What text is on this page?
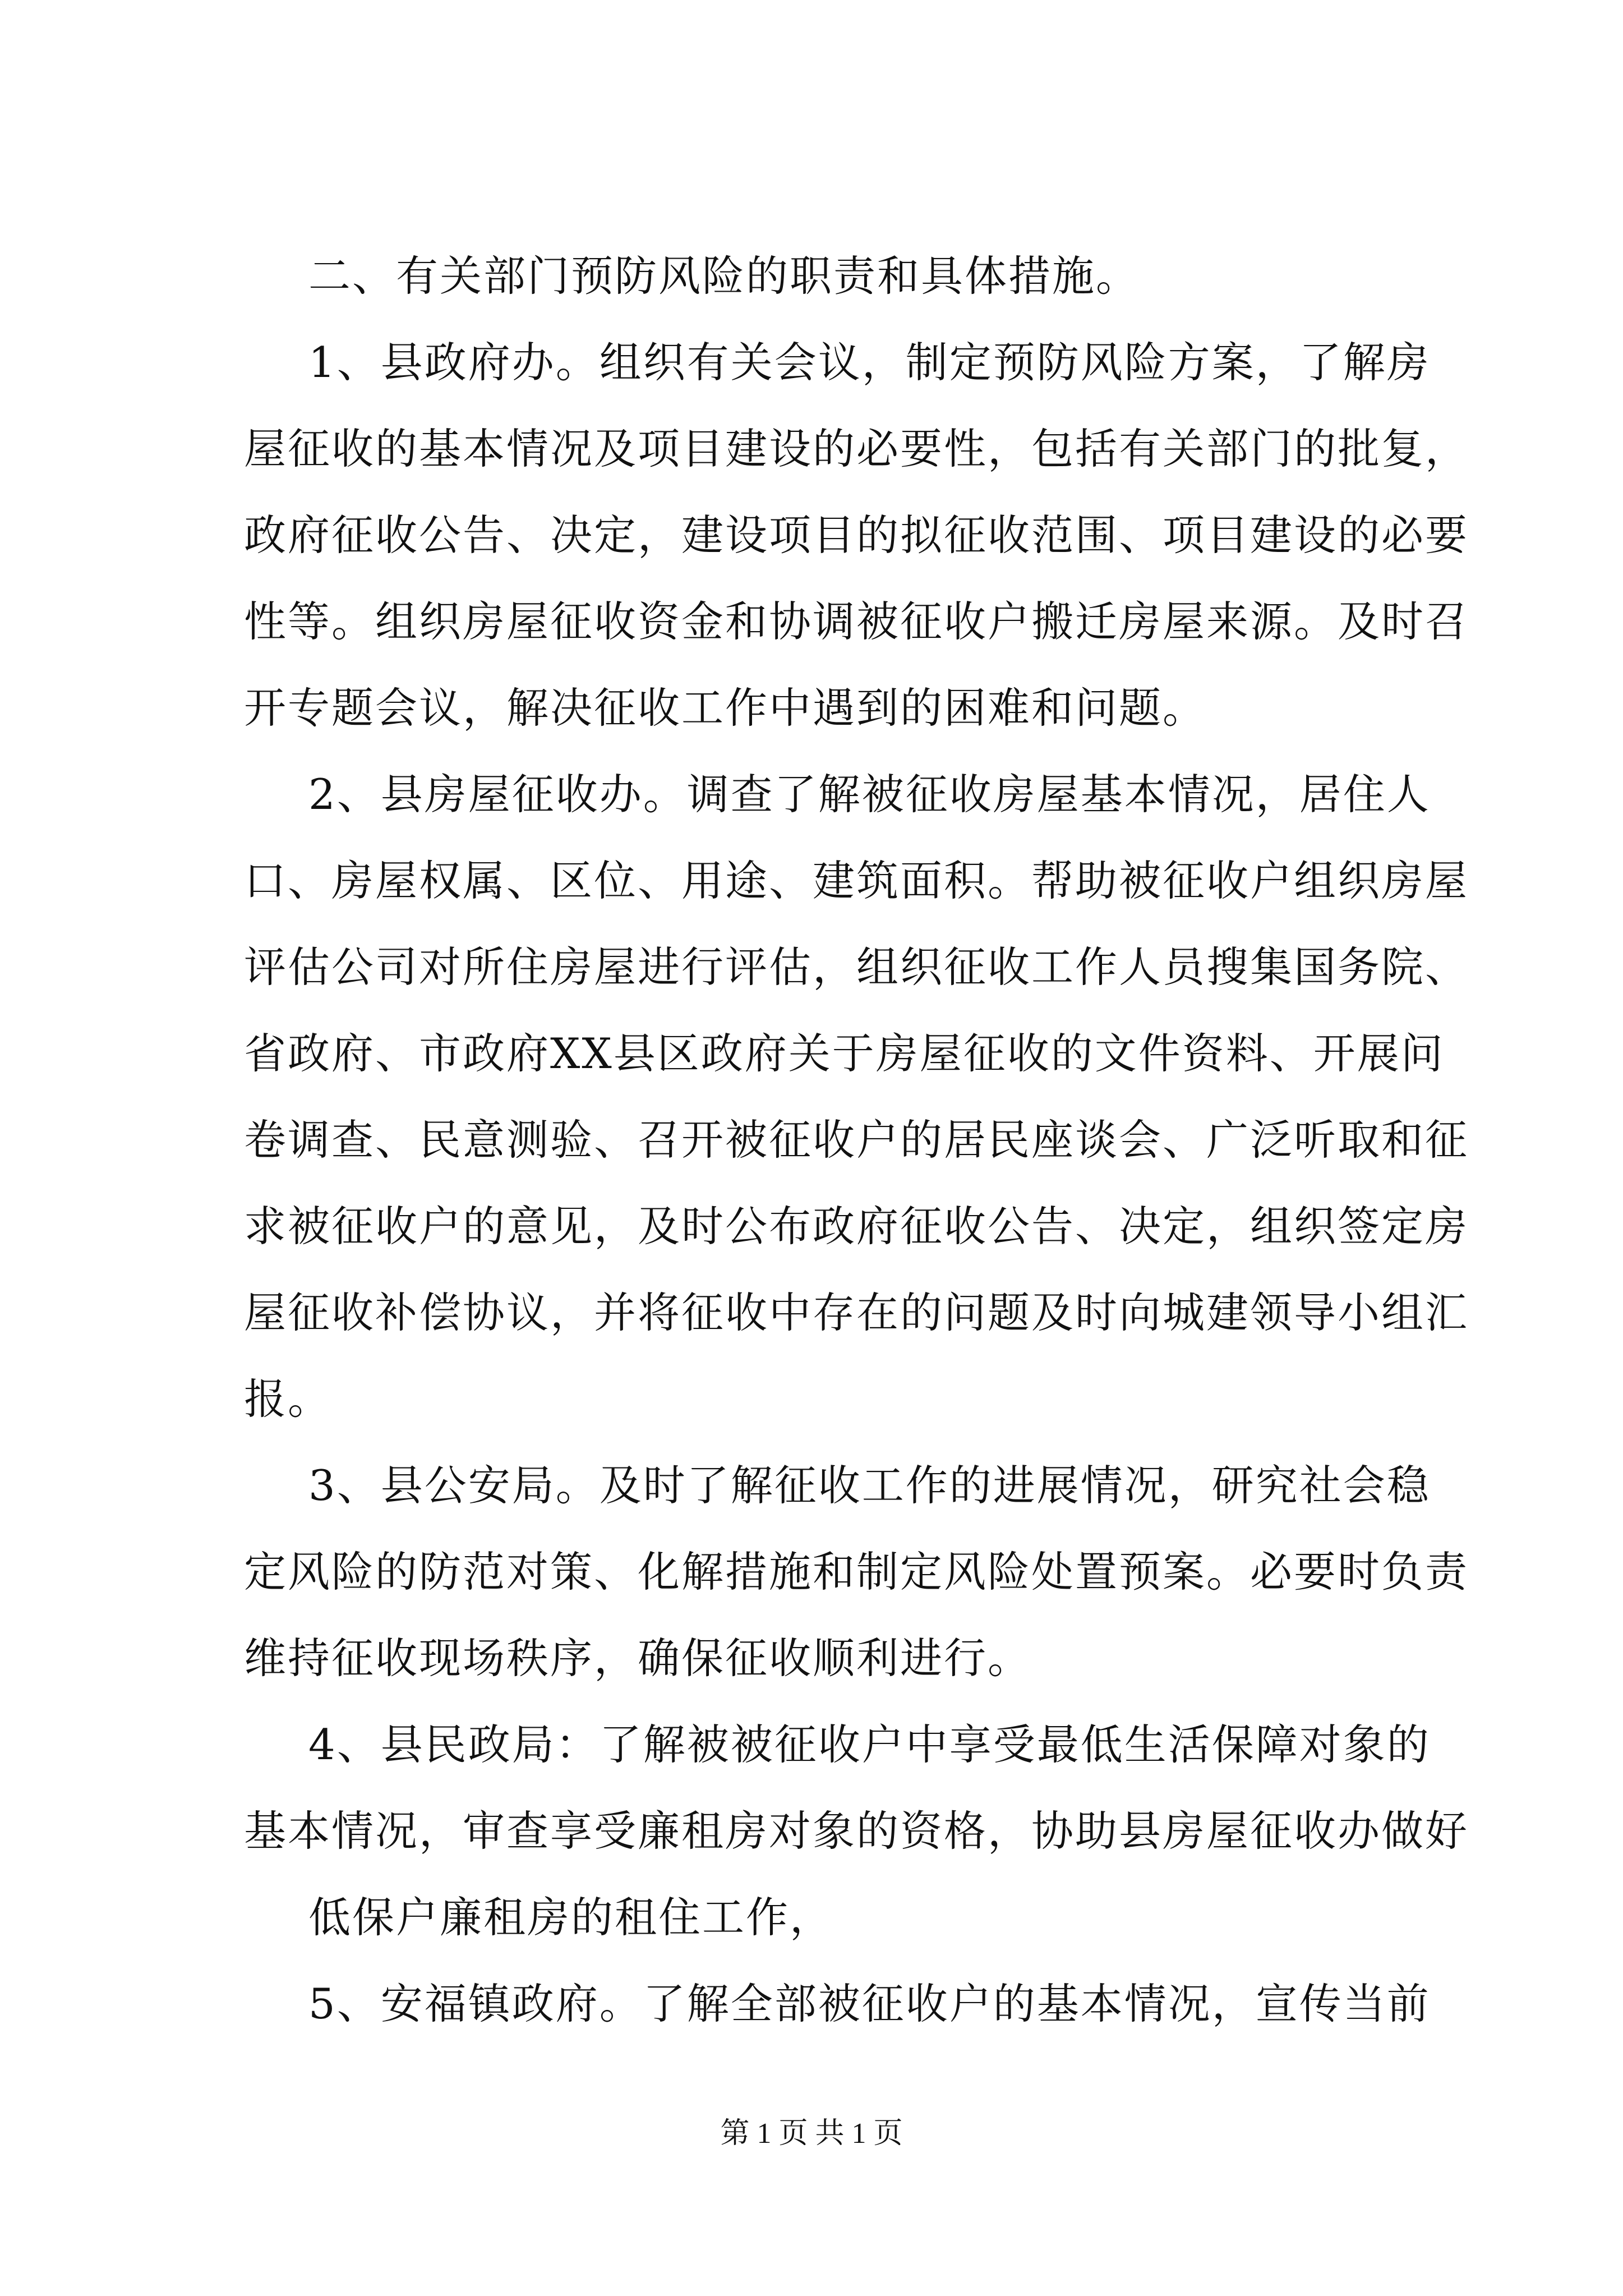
二、有关部门预防风险的职责和具体措施。
1、县政府办。组织有关会议，制定预防风险方案，了解房
屋征收的基本情况及项目建设的必要性，包括有关部门的批复，
政府征收公告、决定，建设项目的拟征收范围、项目建设的必要
性等。组织房屋征收资金和协调被征收户搬迁房屋来源。及时召
开专题会议，解决征收工作中遇到的困难和问题。
2、县房屋征收办。调查了解被征收房屋基本情况，居住人
口、房屋权属、区位、用途、建筑面积。帮助被征收户组织房屋
评估公司对所住房屋进行评估，组织征收工作人员搜集国务院、
省政府、市政府XX县区政府关于房屋征收的文件资料、开展问
卷调查、民意测验、召开被征收户的居民座谈会、广泛听取和征
求被征收户的意见，及时公布政府征收公告、决定，组织签定房
屋征收补偿协议，并将征收中存在的问题及时向城建领导小组汇
报。
3、县公安局。及时了解征收工作的进展情况，研究社会稳
定风险的防范对策、化解措施和制定风险处置预案。必要时负责
维持征收现场秩序，确保征收顺利进行。
4、县民政局：了解被被征收户中享受最低生活保障对象的
基本情况，审查享受廉租房对象的资格，协助县房屋征收办做好
低保户廉租房的租住工作，
5、安福镇政府。了解全部被征收户的基本情况，宣传当前
第 1 页 共 1 页
